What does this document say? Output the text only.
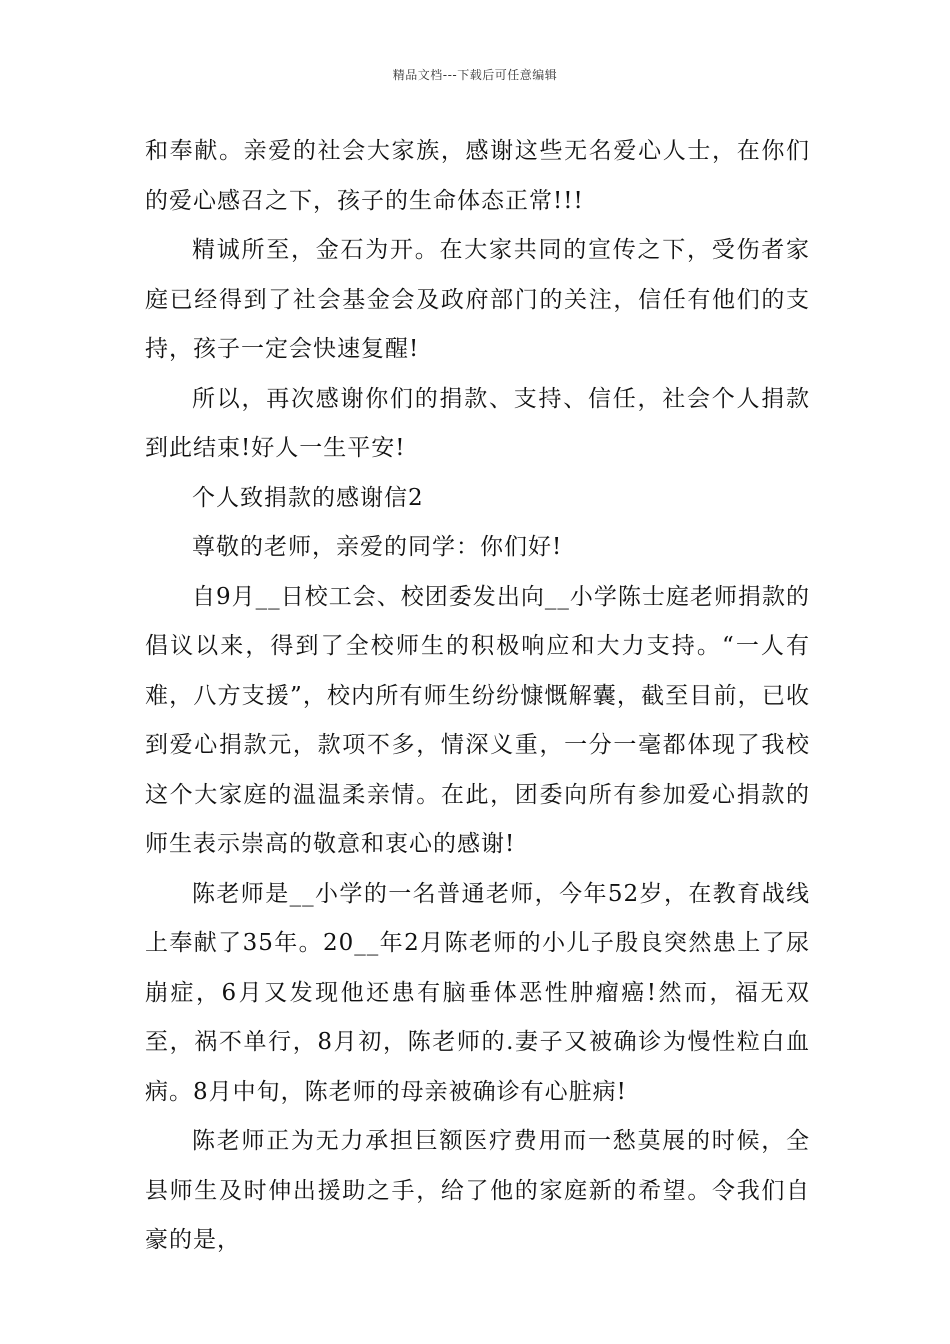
精品文档---下载后可任意编辑

和奉献。亲爱的社会大家族，感谢这些无名爱心人士，在你们的爱心感召之下，孩子的生命体态正常!!!

精诚所至，金石为开。在大家共同的宣传之下，受伤者家庭已经得到了社会基金会及政府部门的关注，信任有他们的支持，孩子一定会快速复醒!

所以，再次感谢你们的捐款、支持、信任，社会个人捐款到此结束!好人一生平安!

个人致捐款的感谢信2

尊敬的老师，亲爱的同学：你们好!

自9月__日校工会、校团委发出向__小学陈士庭老师捐款的倡议以来，得到了全校师生的积极响应和大力支持。“一人有难，八方支援”，校内所有师生纷纷慷慨解囊，截至目前，已收到爱心捐款元，款项不多，情深义重，一分一毫都体现了我校这个大家庭的温温柔亲情。在此，团委向所有参加爱心捐款的师生表示崇高的敬意和衷心的感谢!

陈老师是__小学的一名普通老师，今年52岁，在教育战线上奉献了35年。20__年2月陈老师的小儿子殷良突然患上了尿崩症，6月又发现他还患有脑垂体恶性肿瘤癌!然而，福无双至，祸不单行，8月初，陈老师的.妻子又被确诊为慢性粒白血病。8月中旬，陈老师的母亲被确诊有心脏病!

陈老师正为无力承担巨额医疗费用而一愁莫展的时候，全县师生及时伸出援助之手，给了他的家庭新的希望。令我们自豪的是，
